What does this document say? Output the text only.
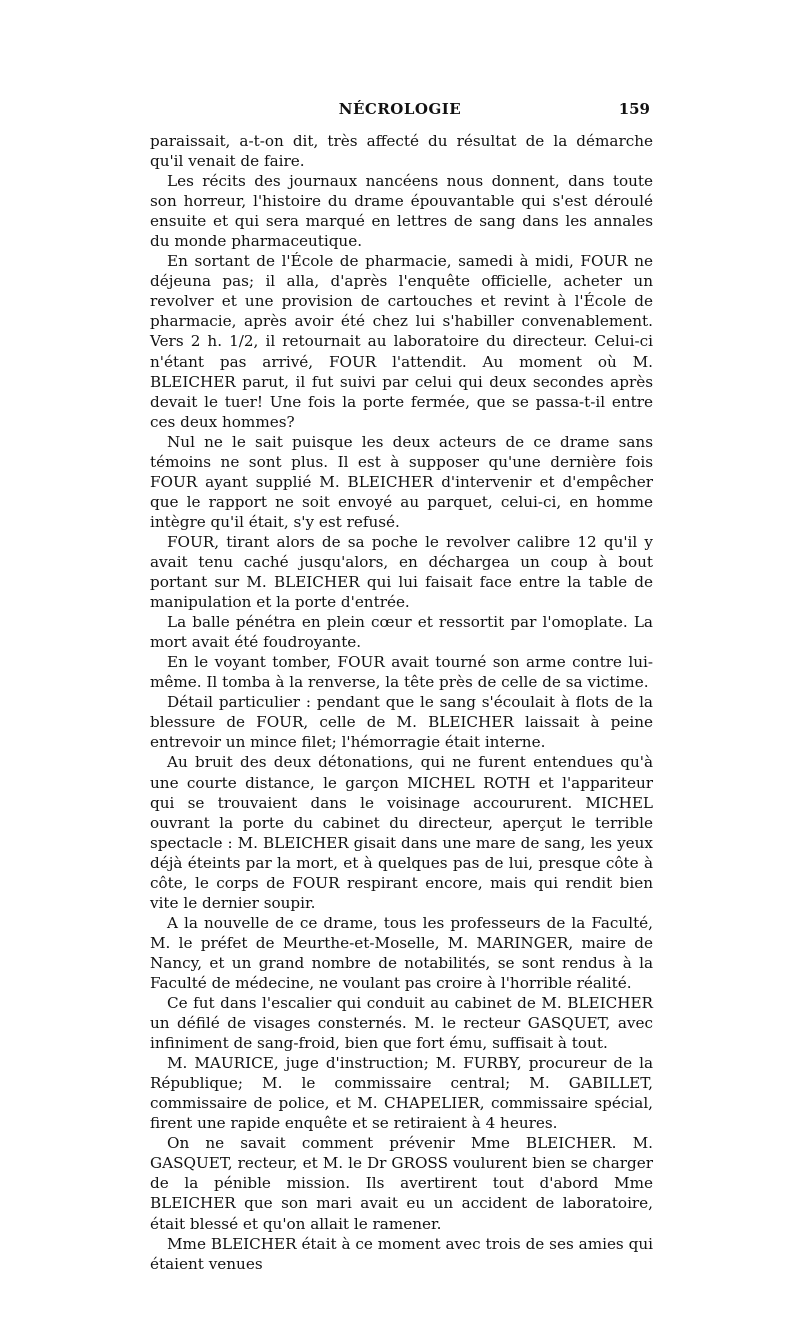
NÉCROLOGIE	159

paraissait, a-t-on dit, très affecté du résultat de la démarche qu'il venait de faire.

Les récits des journaux nancéens nous donnent, dans toute son horreur, l'histoire du drame épouvantable qui s'est déroulé ensuite et qui sera marqué en lettres de sang dans les annales du monde pharmaceutique.

En sortant de l'École de pharmacie, samedi à midi, FOUR ne déjeuna pas; il alla, d'après l'enquête officielle, acheter un revolver et une provision de cartouches et revint à l'École de pharmacie, après avoir été chez lui s'habiller convenablement. Vers 2 h. 1/2, il retournait au laboratoire du directeur. Celui-ci n'étant pas arrivé, FOUR l'attendit. Au moment où M. BLEICHER parut, il fut suivi par celui qui deux secondes après devait le tuer! Une fois la porte fermée, que se passa-t-il entre ces deux hommes?

Nul ne le sait puisque les deux acteurs de ce drame sans témoins ne sont plus. Il est à supposer qu'une dernière fois FOUR ayant supplié M. BLEICHER d'intervenir et d'empêcher que le rapport ne soit envoyé au parquet, celui-ci, en homme intègre qu'il était, s'y est refusé.

FOUR, tirant alors de sa poche le revolver calibre 12 qu'il y avait tenu caché jusqu'alors, en déchargea un coup à bout portant sur M. BLEICHER qui lui faisait face entre la table de manipulation et la porte d'entrée.

La balle pénétra en plein cœur et ressortit par l'omoplate. La mort avait été foudroyante.

En le voyant tomber, FOUR avait tourné son arme contre lui-même. Il tomba à la renverse, la tête près de celle de sa victime.

Détail particulier : pendant que le sang s'écoulait à flots de la blessure de FOUR, celle de M. BLEICHER laissait à peine entrevoir un mince filet; l'hémorragie était interne.

Au bruit des deux détonations, qui ne furent entendues qu'à une courte distance, le garçon MICHEL ROTH et l'appariteur qui se trouvaient dans le voisinage accoururent. MICHEL ouvrant la porte du cabinet du directeur, aperçut le terrible spectacle : M. BLEICHER gisait dans une mare de sang, les yeux déjà éteints par la mort, et à quelques pas de lui, presque côte à côte, le corps de FOUR respirant encore, mais qui rendit bien vite le dernier soupir.

A la nouvelle de ce drame, tous les professeurs de la Faculté, M. le préfet de Meurthe-et-Moselle, M. MARINGER, maire de Nancy, et un grand nombre de notabilités, se sont rendus à la Faculté de médecine, ne voulant pas croire à l'horrible réalité.

Ce fut dans l'escalier qui conduit au cabinet de M. BLEICHER un défilé de visages consternés. M. le recteur GASQUET, avec infiniment de sang-froid, bien que fort ému, suffisait à tout.

M. MAURICE, juge d'instruction; M. FURBY, procureur de la République; M. le commissaire central; M. GABILLET, commissaire de police, et M. CHAPELIER, commissaire spécial, firent une rapide enquête et se retiraient à 4 heures.

On ne savait comment prévenir Mme BLEICHER. M. GASQUET, recteur, et M. le Dr GROSS voulurent bien se charger de la pénible mission. Ils avertirent tout d'abord Mme BLEICHER que son mari avait eu un accident de laboratoire, était blessé et qu'on allait le ramener.

Mme BLEICHER était à ce moment avec trois de ses amies qui étaient venues
